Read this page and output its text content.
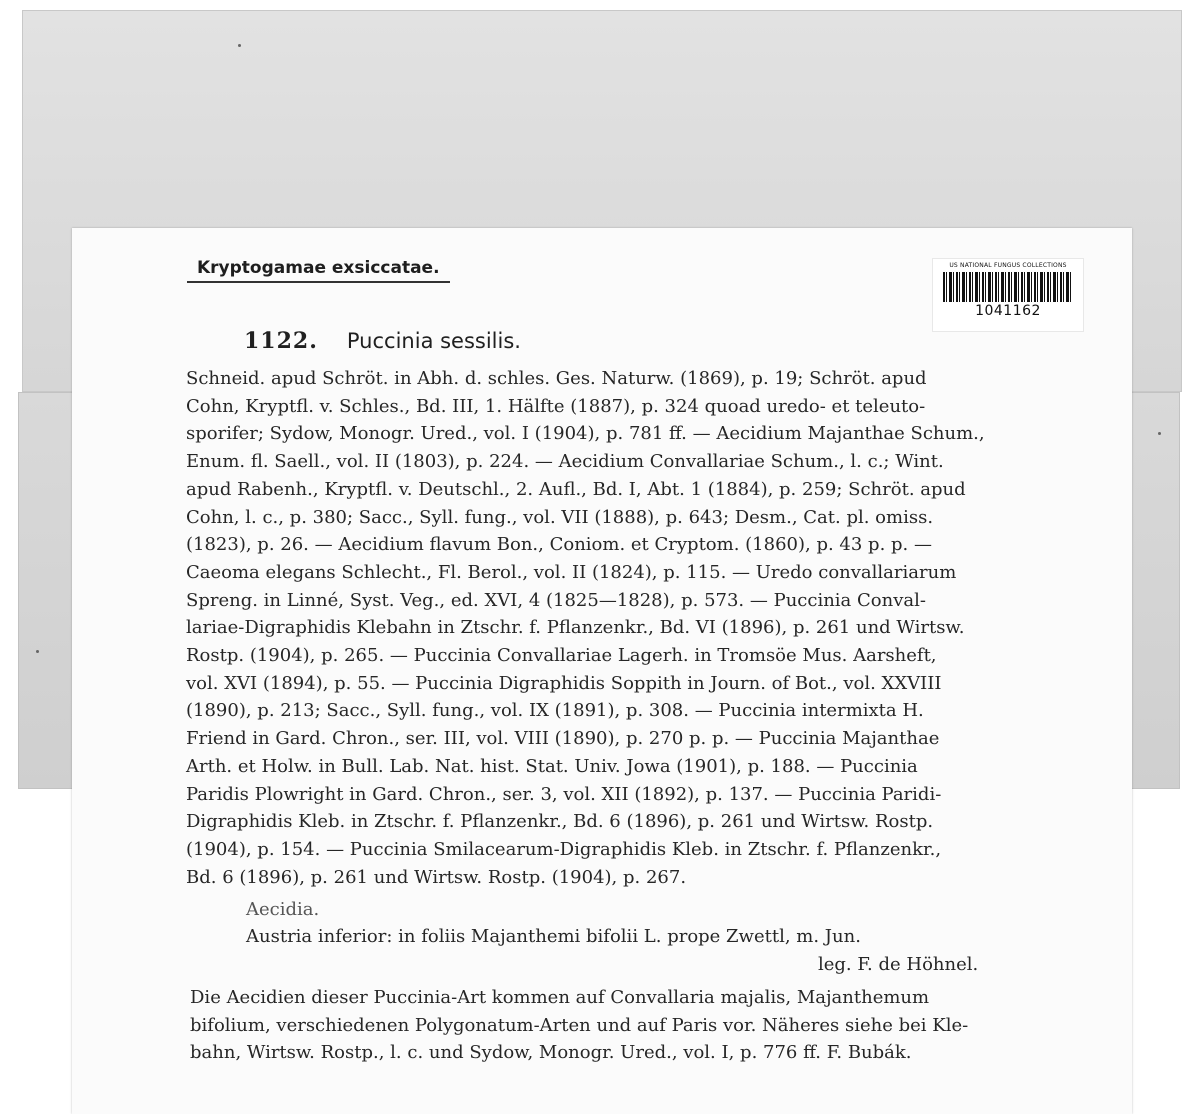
Kryptogamae exsiccatae.	US NATIONAL FUNGUS COLLECTIONS
1041162
1122. Puccinia sessilis.
Schneid. apud Schröt. in Abh. d. schles. Ges. Naturw. (1869), p. 19; Schröt. apud
Cohn, Kryptfl. v. Schles., Bd. III, 1. Hälfte (1887), p. 324 quoad uredo- et teleuto-
sporifer; Sydow, Monogr. Ured., vol. I (1904), p. 781 ff. — Aecidium Majanthae Schum.,
Enum. fl. Saell., vol. II (1803), p. 224. — Aecidium Convallariae Schum., l. c.; Wint.
apud Rabenh., Kryptfl. v. Deutschl., 2. Aufl., Bd. I, Abt. 1 (1884), p. 259; Schröt. apud
Cohn, l. c., p. 380; Sacc., Syll. fung., vol. VII (1888), p. 643; Desm., Cat. pl. omiss.
(1823), p. 26. — Aecidium flavum Bon., Coniom. et Cryptom. (1860), p. 43 p. p. —
Caeoma elegans Schlecht., Fl. Berol., vol. II (1824), p. 115. — Uredo convallariarum
Spreng. in Linné, Syst. Veg., ed. XVI, 4 (1825—1828), p. 573. — Puccinia Conval-
lariae-Digraphidis Klebahn in Ztschr. f. Pflanzenkr., Bd. VI (1896), p. 261 und Wirtsw.
Rostp. (1904), p. 265. — Puccinia Convallariae Lagerh. in Tromsöe Mus. Aarsheft,
vol. XVI (1894), p. 55. — Puccinia Digraphidis Soppith in Journ. of Bot., vol. XXVIII
(1890), p. 213; Sacc., Syll. fung., vol. IX (1891), p. 308. — Puccinia intermixta H.
Friend in Gard. Chron., ser. III, vol. VIII (1890), p. 270 p. p. — Puccinia Majanthae
Arth. et Holw. in Bull. Lab. Nat. hist. Stat. Univ. Jowa (1901), p. 188. — Puccinia
Paridis Plowright in Gard. Chron., ser. 3, vol. XII (1892), p. 137. — Puccinia Paridi-
Digraphidis Kleb. in Ztschr. f. Pflanzenkr., Bd. 6 (1896), p. 261 und Wirtsw. Rostp.
(1904), p. 154. — Puccinia Smilacearum-Digraphidis Kleb. in Ztschr. f. Pflanzenkr.,
Bd. 6 (1896), p. 261 und Wirtsw. Rostp. (1904), p. 267.
Aecidia.
Austria inferior: in foliis Majanthemi bifolii L. prope Zwettl, m. Jun.
leg. F. de Höhnel.
Die Aecidien dieser Puccinia-Art kommen auf Convallaria majalis, Majanthemum
bifolium, verschiedenen Polygonatum-Arten und auf Paris vor. Näheres siehe bei Kle-
bahn, Wirtsw. Rostp., l. c. und Sydow, Monogr. Ured., vol. I, p. 776 ff. F. Bubák.
